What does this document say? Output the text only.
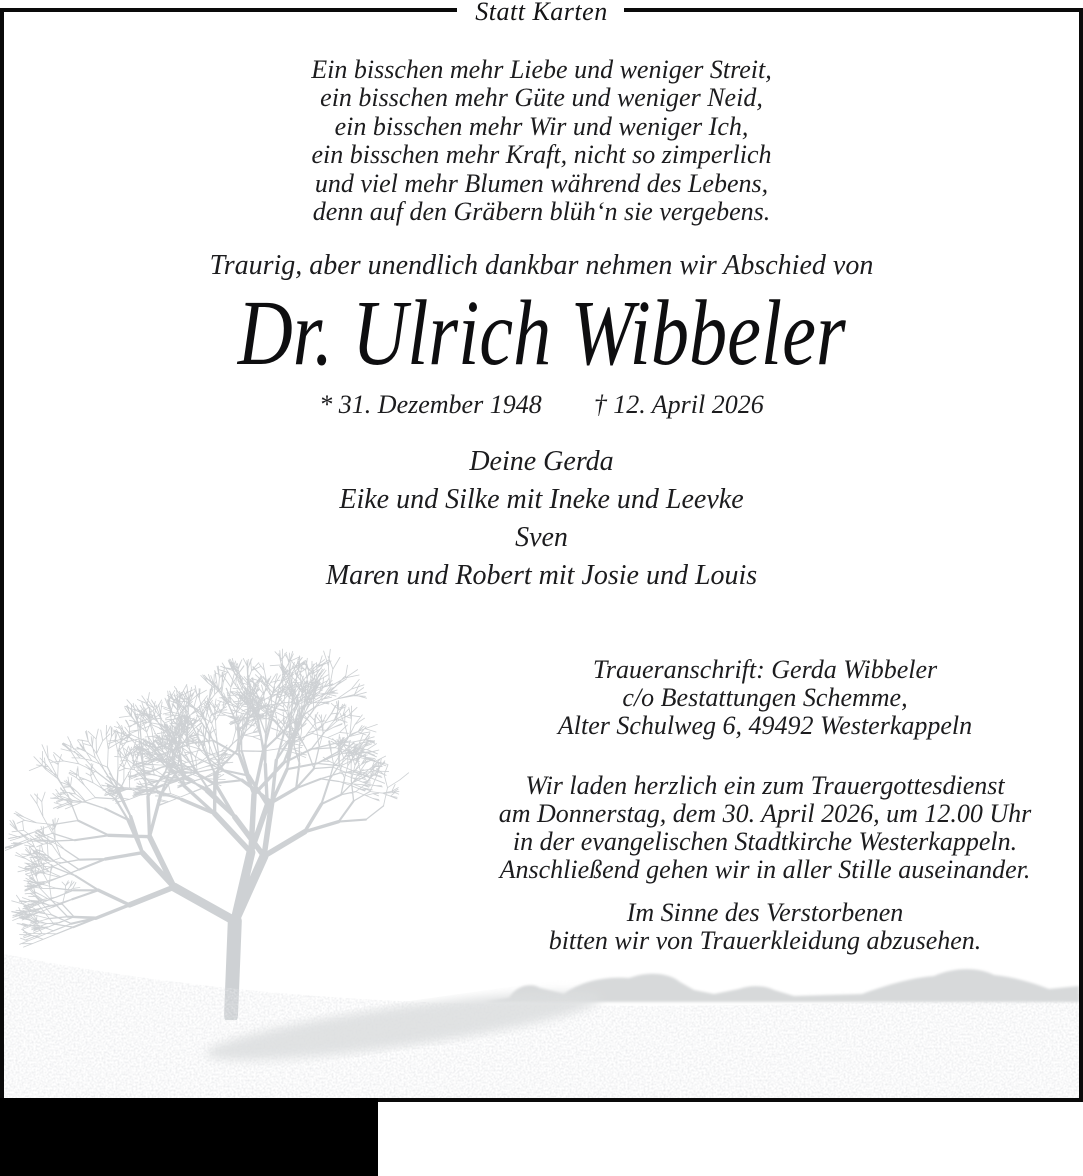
Statt Karten
Ein bisschen mehr Liebe und weniger Streit,
ein bisschen mehr Güte und weniger Neid,
ein bisschen mehr Wir und weniger Ich,
ein bisschen mehr Kraft, nicht so zimperlich
und viel mehr Blumen während des Lebens,
denn auf den Gräbern blüh‘n sie vergebens.
Traurig, aber unendlich dankbar nehmen wir Abschied von
Dr. Ulrich Wibbeler
* 31. Dezember 1948 † 12. April 2026
Deine Gerda
Eike und Silke mit Ineke und Leevke
Sven
Maren und Robert mit Josie und Louis
Traueranschrift: Gerda Wibbeler
c/o Bestattungen Schemme,
Alter Schulweg 6, 49492 Westerkappeln
Wir laden herzlich ein zum Trauergottesdienst
am Donnerstag, dem 30. April 2026, um 12.00 Uhr
in der evangelischen Stadtkirche Westerkappeln.
Anschließend gehen wir in aller Stille auseinander.
Im Sinne des Verstorbenen
bitten wir von Trauerkleidung abzusehen.
